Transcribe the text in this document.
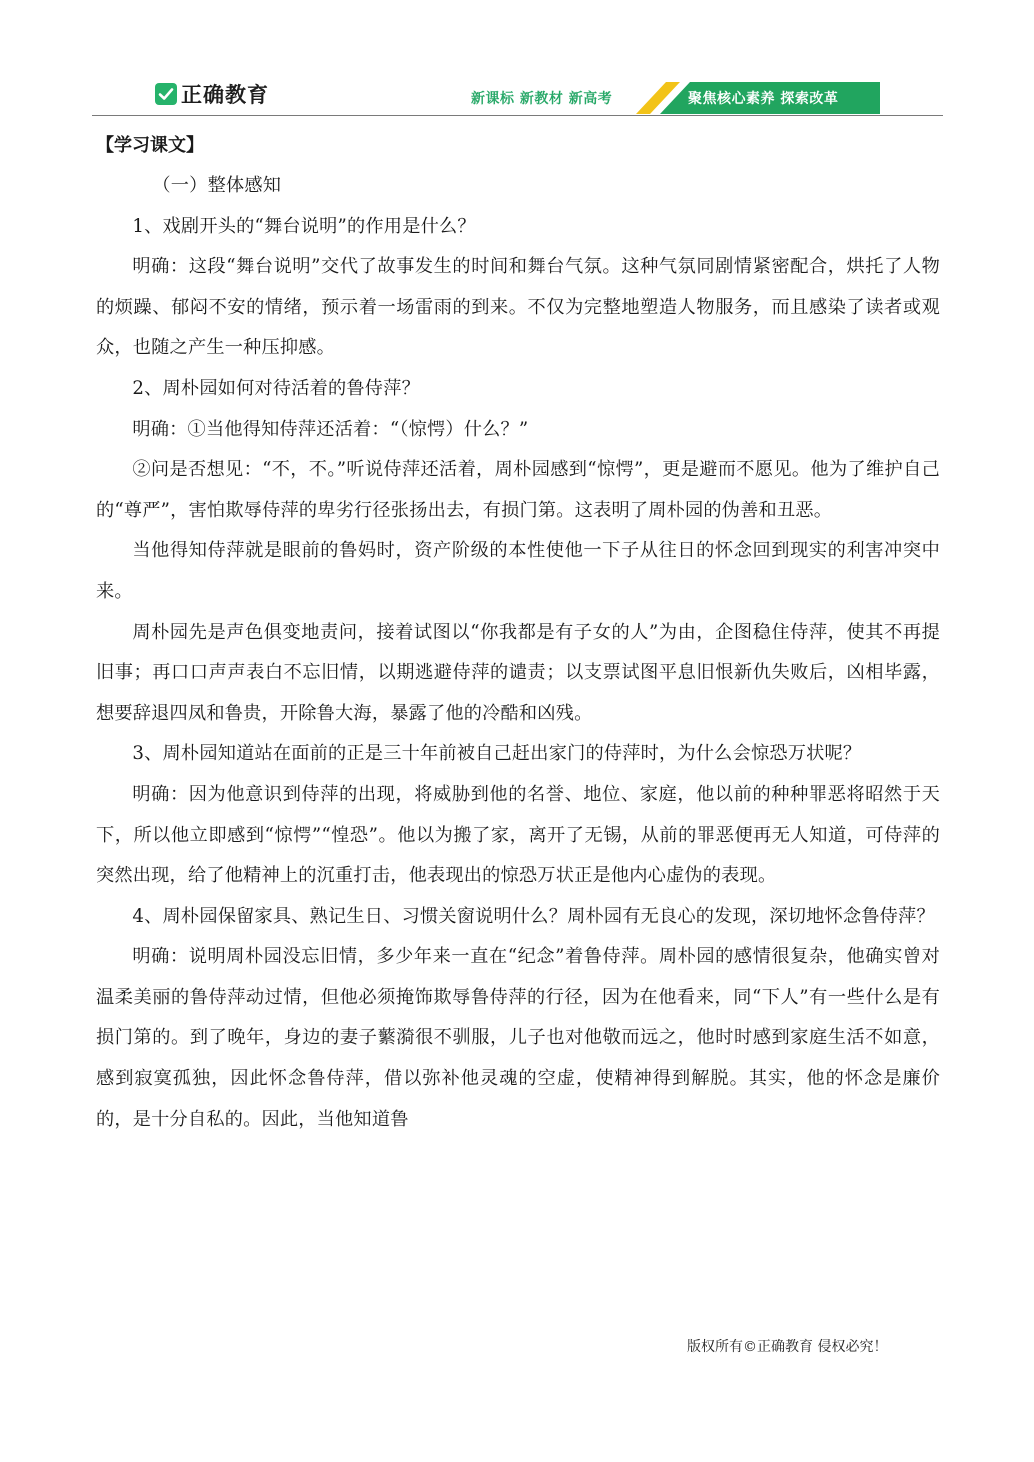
正确教育	新课标 新教材 新高考	聚焦核心素养 探索改革

【学习课文】

（一）整体感知

1、戏剧开头的“舞台说明”的作用是什么？

明确：这段“舞台说明”交代了故事发生的时间和舞台气氛。这种气氛同剧情紧密配合，烘托了人物的烦躁、郁闷不安的情绪，预示着一场雷雨的到来。不仅为完整地塑造人物服务，而且感染了读者或观众，也随之产生一种压抑感。

2、周朴园如何对待活着的鲁侍萍？

明确：①当他得知侍萍还活着：“（惊愕）什么？”

②问是否想见：“不，不。”听说侍萍还活着，周朴园感到“惊愕”，更是避而不愿见。他为了维护自己的“尊严”，害怕欺辱侍萍的卑劣行径张扬出去，有损门第。这表明了周朴园的伪善和丑恶。

当他得知侍萍就是眼前的鲁妈时，资产阶级的本性使他一下子从往日的怀念回到现实的利害冲突中来。

周朴园先是声色俱变地责问，接着试图以“你我都是有子女的人”为由，企图稳住侍萍，使其不再提旧事；再口口声声表白不忘旧情，以期逃避侍萍的谴责；以支票试图平息旧恨新仇失败后，凶相毕露，想要辞退四凤和鲁贵，开除鲁大海，暴露了他的冷酷和凶残。

3、周朴园知道站在面前的正是三十年前被自己赶出家门的侍萍时，为什么会惊恐万状呢？

明确：因为他意识到侍萍的出现，将威胁到他的名誉、地位、家庭，他以前的种种罪恶将昭然于天下，所以他立即感到“惊愕”“惶恐”。他以为搬了家，离开了无锡，从前的罪恶便再无人知道，可侍萍的突然出现，给了他精神上的沉重打击，他表现出的惊恐万状正是他内心虚伪的表现。

4、周朴园保留家具、熟记生日、习惯关窗说明什么？周朴园有无良心的发现，深切地怀念鲁侍萍？

明确：说明周朴园没忘旧情，多少年来一直在“纪念”着鲁侍萍。周朴园的感情很复杂，他确实曾对温柔美丽的鲁侍萍动过情，但他必须掩饰欺辱鲁侍萍的行径，因为在他看来，同“下人”有一些什么是有损门第的。到了晚年，身边的妻子蘩漪很不驯服，儿子也对他敬而远之，他时时感到家庭生活不如意，感到寂寞孤独，因此怀念鲁侍萍，借以弥补他灵魂的空虚，使精神得到解脱。其实，他的怀念是廉价的，是十分自私的。因此，当他知道鲁

版权所有©正确教育 侵权必究！
